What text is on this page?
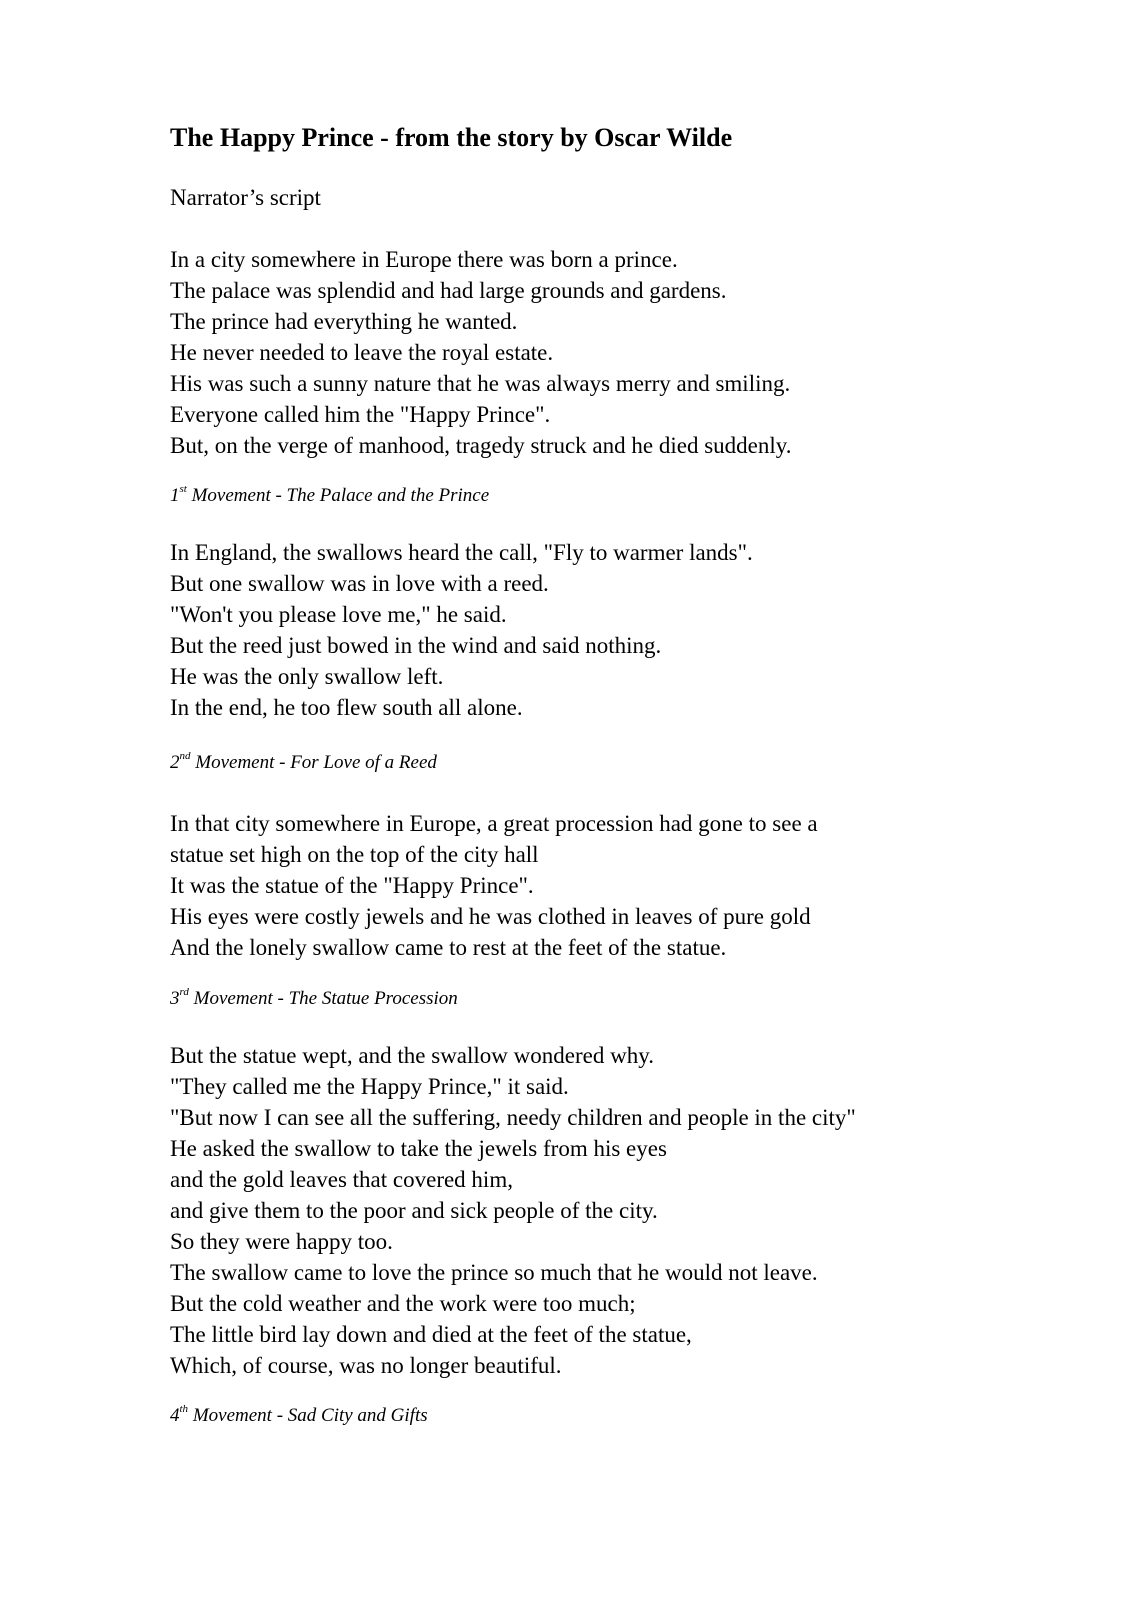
The Happy Prince - from the story by Oscar Wilde

Narrator’s script

In a city somewhere in Europe there was born a prince.
The palace was splendid and had large grounds and gardens.
The prince had everything he wanted.
He never needed to leave the royal estate.
His was such a sunny nature that he was always merry and smiling.
Everyone called him the "Happy Prince".
But, on the verge of manhood, tragedy struck and he died suddenly.

1st Movement - The Palace and the Prince

In England, the swallows heard the call, "Fly to warmer lands".
But one swallow was in love with a reed.
"Won't you please love me," he said.
But the reed just bowed in the wind and said nothing.
He was the only swallow left.
In the end, he too flew south all alone.

2nd Movement - For Love of a Reed

In that city somewhere in Europe, a great procession had gone to see a
statue set high on the top of the city hall
It was the statue of the "Happy Prince".
His eyes were costly jewels and he was clothed in leaves of pure gold
And the lonely swallow came to rest at the feet of the statue.

3rd Movement - The Statue Procession

But the statue wept, and the swallow wondered why.
"They called me the Happy Prince," it said.
"But now I can see all the suffering, needy children and people in the city"
He asked the swallow to take the jewels from his eyes
and the gold leaves that covered him,
and give them to the poor and sick people of the city.
So they were happy too.
The swallow came to love the prince so much that he would not leave.
But the cold weather and the work were too much;
The little bird lay down and died at the feet of the statue,
Which, of course, was no longer beautiful.

4th Movement - Sad City and Gifts
